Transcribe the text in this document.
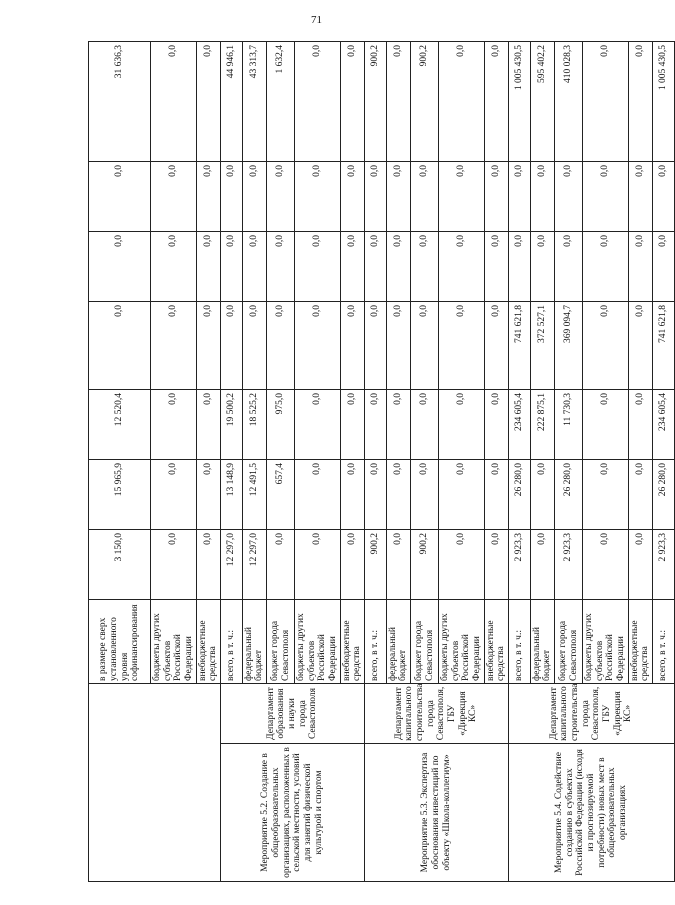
71
		в размере сверх установленного уровня софинансирования	3 150,0	15 965,9	12 520,4	0,0	0,0	0,0	31 636,3
		бюджеты других субъектов Российской Федерации	0,0	0,0	0,0	0,0	0,0	0,0	0,0
		внебюджетные средства	0,0	0,0	0,0	0,0	0,0	0,0	0,0
Мероприятие 5.2. Создание в общеобразовательных организациях, расположенных в сельской местности, условий для занятий физической культурой и спортом	Департамент образования и науки города Севастополя	всего, в т. ч.:	12 297,0	13 148,9	19 500,2	0,0	0,0	0,0	44 946,1
		федеральный бюджет	12 297,0	12 491,5	18 525,2	0,0	0,0	0,0	43 313,7
		бюджет города Севастополя	0,0	657,4	975,0	0,0	0,0	0,0	1 632,4
		бюджеты других субъектов Российской Федерации	0,0	0,0	0,0	0,0	0,0	0,0	0,0
		внебюджетные средства	0,0	0,0	0,0	0,0	0,0	0,0	0,0
Мероприятие 5.3. Экспертиза обоснования инвестиций по объекту «Школа-коллегиум»	Департамент капитального строительства города Севастополя, ГБУ «Дирекция КС»	всего, в т. ч.:	900,2	0,0	0,0	0,0	0,0	0,0	900,2
		федеральный бюджет	0,0	0,0	0,0	0,0	0,0	0,0	0,0
		бюджет города Севастополя	900,2	0,0	0,0	0,0	0,0	0,0	900,2
		бюджеты других субъектов Российской Федерации	0,0	0,0	0,0	0,0	0,0	0,0	0,0
		внебюджетные средства	0,0	0,0	0,0	0,0	0,0	0,0	0,0
Мероприятие 5.4. Содействие созданию в субъектах Российской Федерации (исходя из прогнозируемой потребности) новых мест в общеобразовательных организациях	Департамент капитального строительства города Севастополя, ГБУ «Дирекция КС»	всего, в т. ч.:	2 923,3	26 280,0	234 605,4	741 621,8	0,0	0,0	1 005 430,5
		федеральный бюджет	0,0	0,0	222 875,1	372 527,1	0,0	0,0	595 402,2
		бюджет города Севастополя	2 923,3	26 280,0	11 730,3	369 094,7	0,0	0,0	410 028,3
		бюджеты других субъектов Российской Федерации	0,0	0,0	0,0	0,0	0,0	0,0	0,0
		внебюджетные средства	0,0	0,0	0,0	0,0	0,0	0,0	0,0
		всего, в т. ч.:	2 923,3	26 280,0	234 605,4	741 621,8	0,0	0,0	1 005 430,5
